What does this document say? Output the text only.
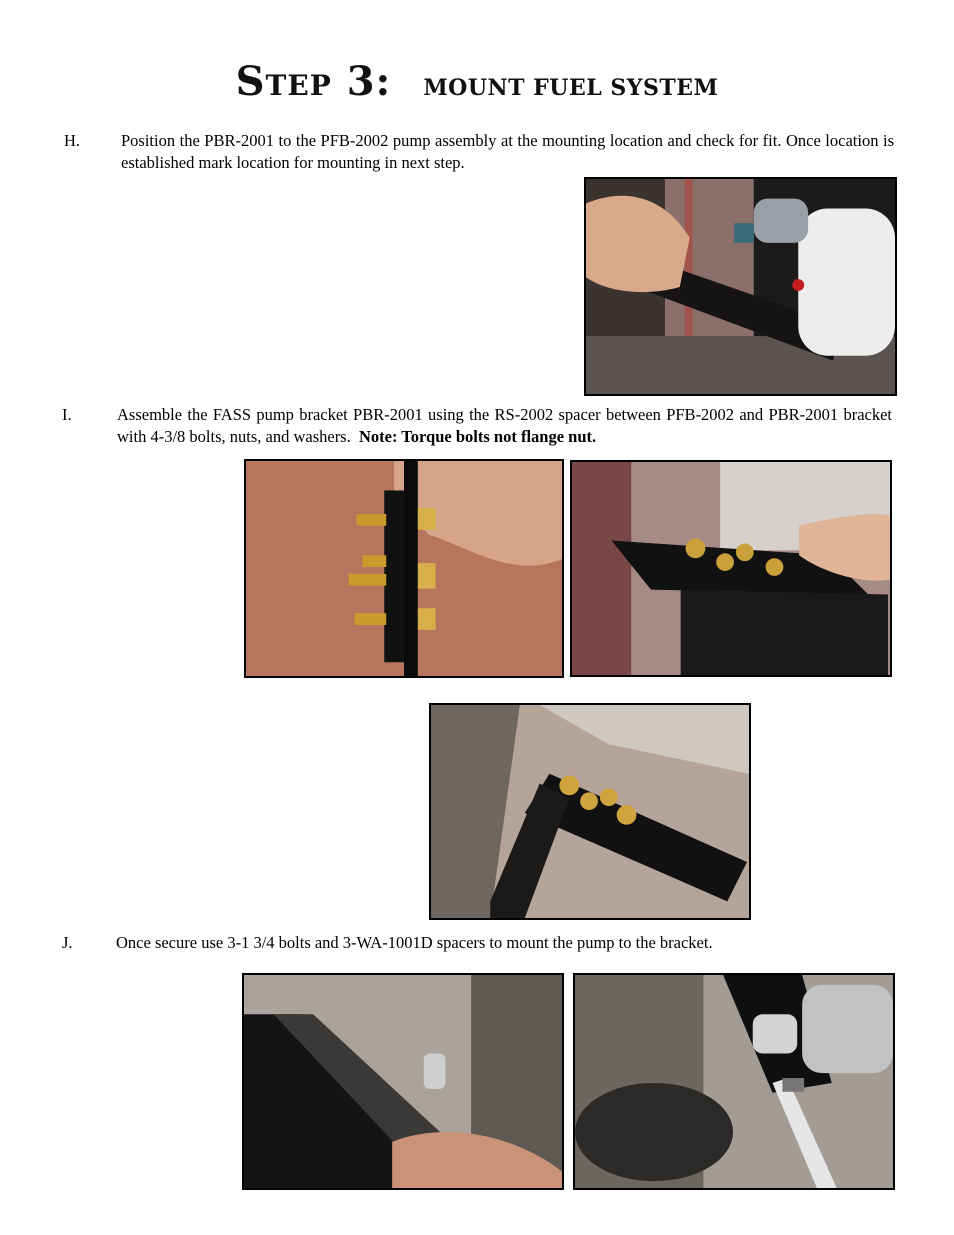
Step 3: MOUNT FUEL SYSTEM
H. Position the PBR-2001 to the PFB-2002 pump assembly at the mounting location and check for fit. Once location is established mark location for mounting in next step.
I.	Assemble the FASS pump bracket PBR-2001 using the RS-2002 spacer between PFB-2002 and PBR-2001 bracket with 4-3/8 bolts, nuts, and washers. Note: Torque bolts not flange nut.
J.	Once secure use 3-1 3/4 bolts and 3-WA-1001D spacers to mount the pump to the bracket.
